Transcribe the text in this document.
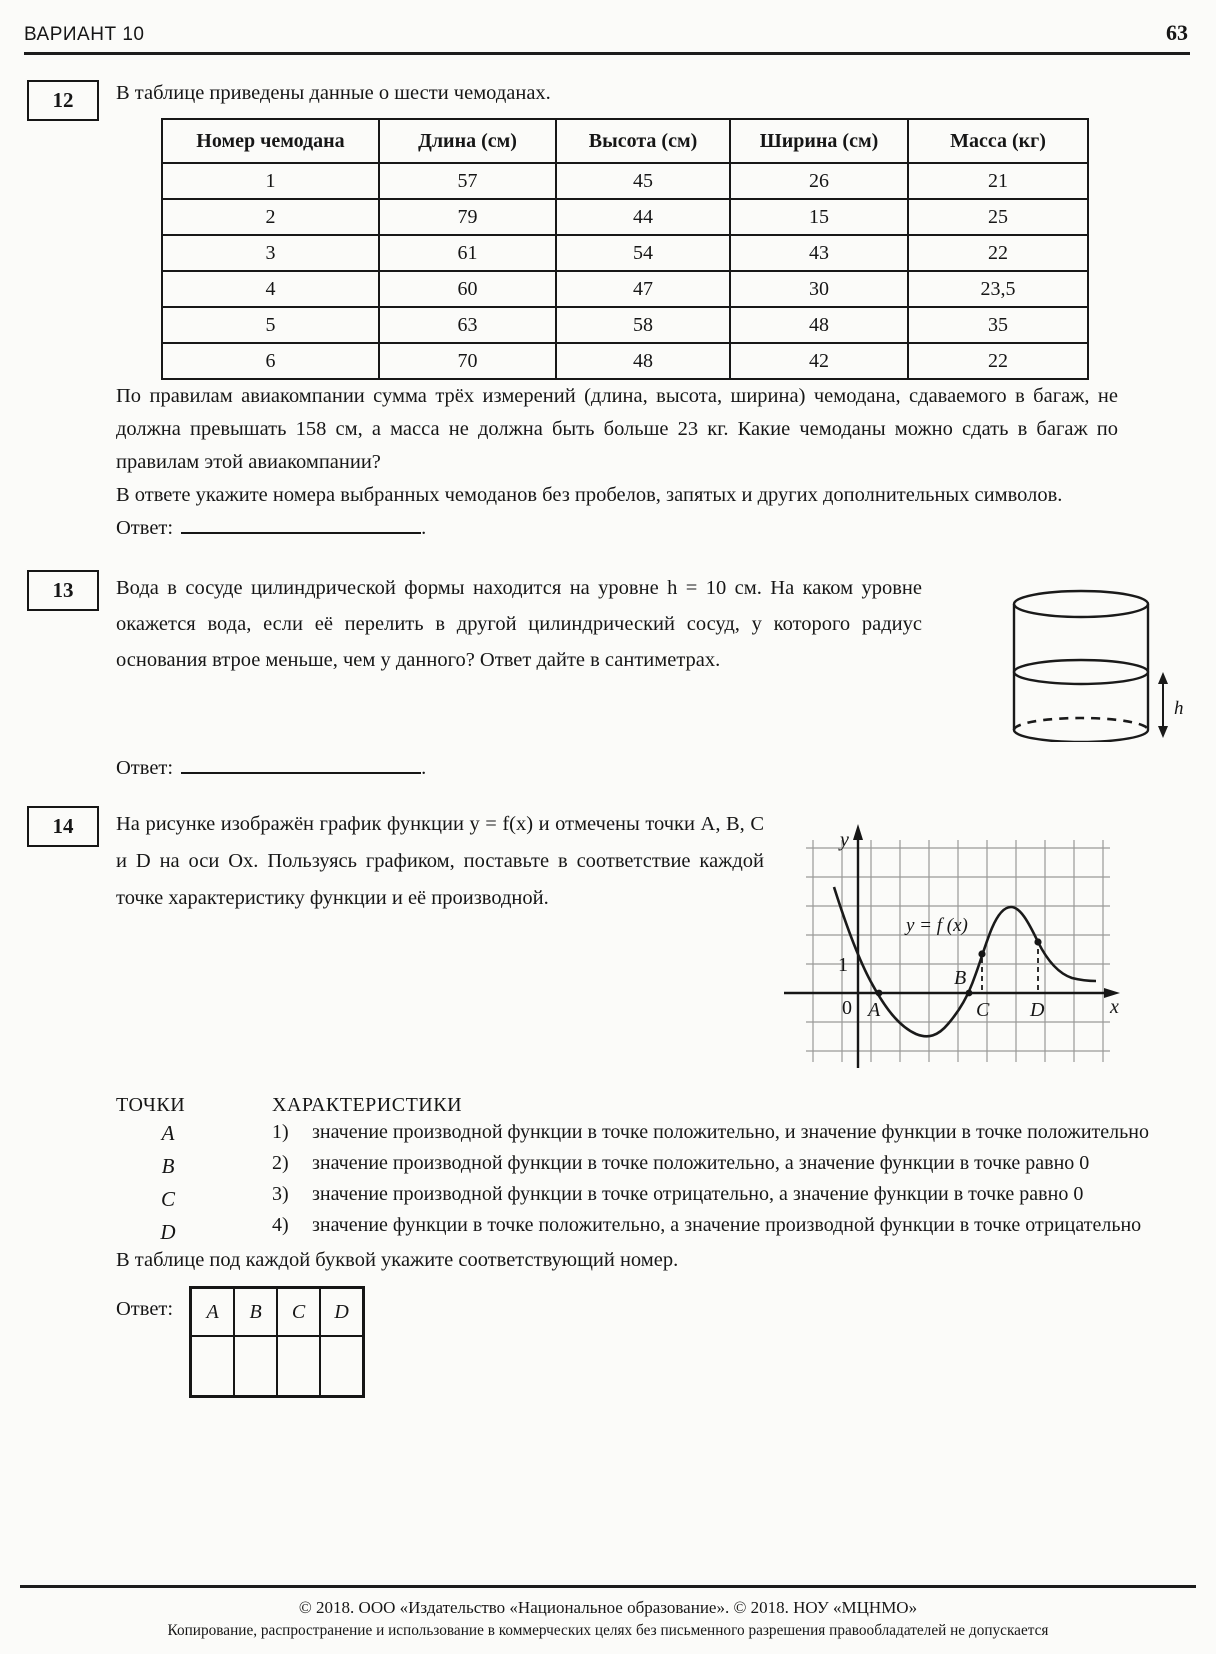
ВАРИАНТ 10	63
12	В таблице приведены данные о шести чемоданах.

Номер чемодана	Длина (см)	Высота (см)	Ширина (см)	Масса (кг)
1	57	45	26	21
2	79	44	15	25
3	61	54	43	22
4	60	47	30	23,5
5	63	58	48	35
6	70	48	42	22

По правилам авиакомпании сумма трёх измерений (длина, высота, ширина) чемодана, сдаваемого в багаж, не должна превышать 158 см, а масса не должна быть больше 23 кг. Какие чемоданы можно сдать в багаж по правилам этой авиакомпании?

В ответе укажите номера выбранных чемоданов без пробелов, запятых и других дополнительных символов.

Ответ:	.

13	Вода в сосуде цилиндрической формы находится на уровне h = 10 см. На каком уровне окажется вода, если её перелить в другой цилиндрический сосуд, у которого радиус основания втрое меньше, чем у данного? Ответ дайте в сантиметрах.

h

Ответ:	.

14	На рисунке изображён график функции y = f(x) и отмечены точки A, B, C и D на оси Ox. Пользуясь графиком, поставьте в соответствие каждой точке характеристику функции и её производной.

y
x
0
1
y = f (x)
A
B
C D

ТОЧКИ

A
B
C
D

ХАРАКТЕРИСТИКИ

1)	значение производной функции в точке положительно, и значение функции в точке положительно
2)	значение производной функции в точке положительно, а значение функции в точке равно 0
3)	значение производной функции в точке отрицательно, а значение функции в точке равно 0
4)	значение функции в точке положительно, а значение производной функции в точке отрицательно

В таблице под каждой буквой укажите соответствующий номер.

Ответ: A	B	C	D

© 2018. ООО «Издательство «Национальное образование». © 2018. НОУ «МЦНМО»
Копирование, распространение и использование в коммерческих целях без письменного разрешения правообладателей не допускается
